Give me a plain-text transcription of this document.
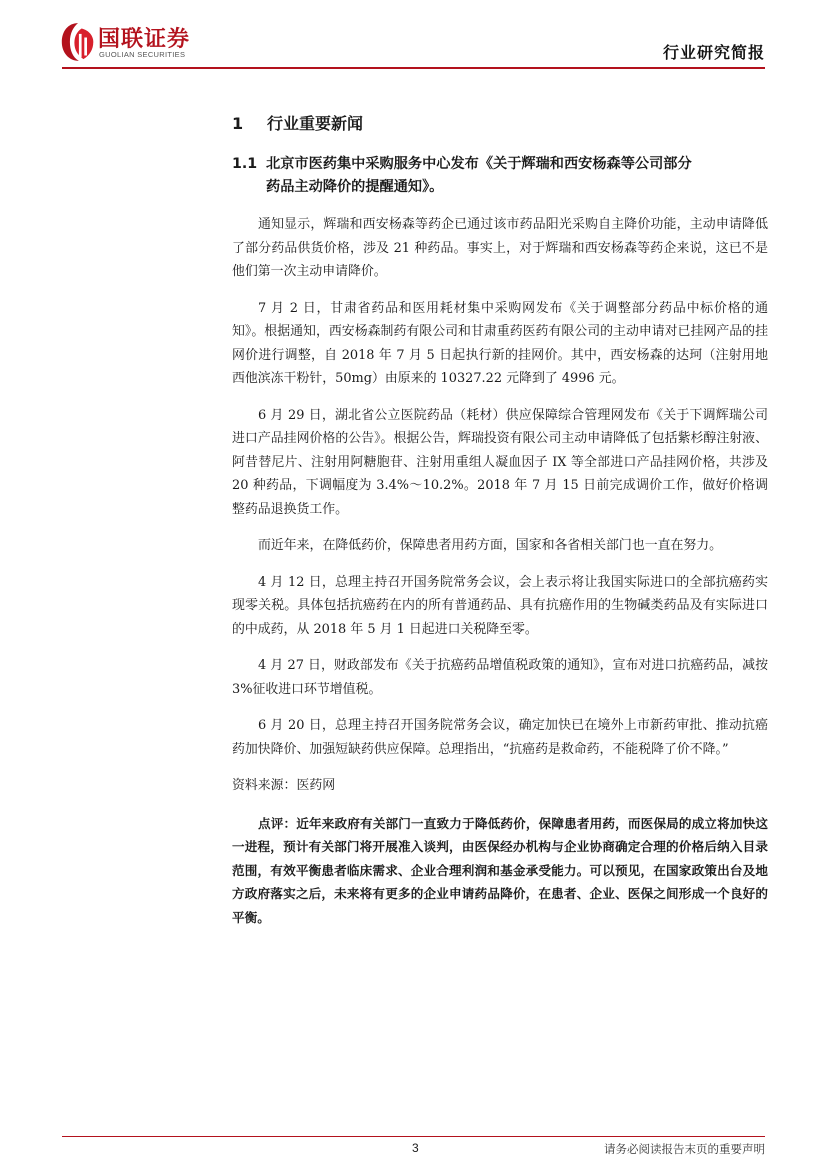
国联证券
GUOLIAN SECURITIES	行业研究简报
1 行业重要新闻
1.1 北京市医药集中采购服务中心发布《关于辉瑞和西安杨森等公司部分
药品主动降价的提醒通知》。

通知显示，辉瑞和西安杨森等药企已通过该市药品阳光采购自主降价功能，主动申请降低了部分药品供货价格，涉及 21 种药品。事实上，对于辉瑞和西安杨森等药企来说，这已不是他们第一次主动申请降价。

7 月 2 日，甘肃省药品和医用耗材集中采购网发布《关于调整部分药品中标价格的通知》。根据通知，西安杨森制药有限公司和甘肃重药医药有限公司的主动申请对已挂网产品的挂网价进行调整，自 2018 年 7 月 5 日起执行新的挂网价。其中，西安杨森的达珂（注射用地西他滨冻干粉针，50mg）由原来的 10327.22 元降到了 4996 元。

6 月 29 日，湖北省公立医院药品（耗材）供应保障综合管理网发布《关于下调辉瑞公司进口产品挂网价格的公告》。根据公告，辉瑞投资有限公司主动申请降低了包括紫杉醇注射液、阿昔替尼片、注射用阿糖胞苷、注射用重组人凝血因子 IX 等全部进口产品挂网价格，共涉及 20 种药品，下调幅度为 3.4%～10.2%。2018 年 7 月 15 日前完成调价工作，做好价格调整药品退换货工作。

而近年来，在降低药价，保障患者用药方面，国家和各省相关部门也一直在努力。

4 月 12 日，总理主持召开国务院常务会议，会上表示将让我国实际进口的全部抗癌药实现零关税。具体包括抗癌药在内的所有普通药品、具有抗癌作用的生物碱类药品及有实际进口的中成药，从 2018 年 5 月 1 日起进口关税降至零。

4 月 27 日，财政部发布《关于抗癌药品增值税政策的通知》，宣布对进口抗癌药品，减按 3%征收进口环节增值税。

6 月 20 日，总理主持召开国务院常务会议，确定加快已在境外上市新药审批、推动抗癌药加快降价、加强短缺药供应保障。总理指出，“抗癌药是救命药，不能税降了价不降。”

资料来源：医药网

点评：近年来政府有关部门一直致力于降低药价，保障患者用药，而医保局的成立将加快这一进程，预计有关部门将开展准入谈判，由医保经办机构与企业协商确定合理的价格后纳入目录范围，有效平衡患者临床需求、企业合理利润和基金承受能力。可以预见，在国家政策出台及地方政府落实之后，未来将有更多的企业申请药品降价，在患者、企业、医保之间形成一个良好的平衡。

3	请务必阅读报告末页的重要声明
